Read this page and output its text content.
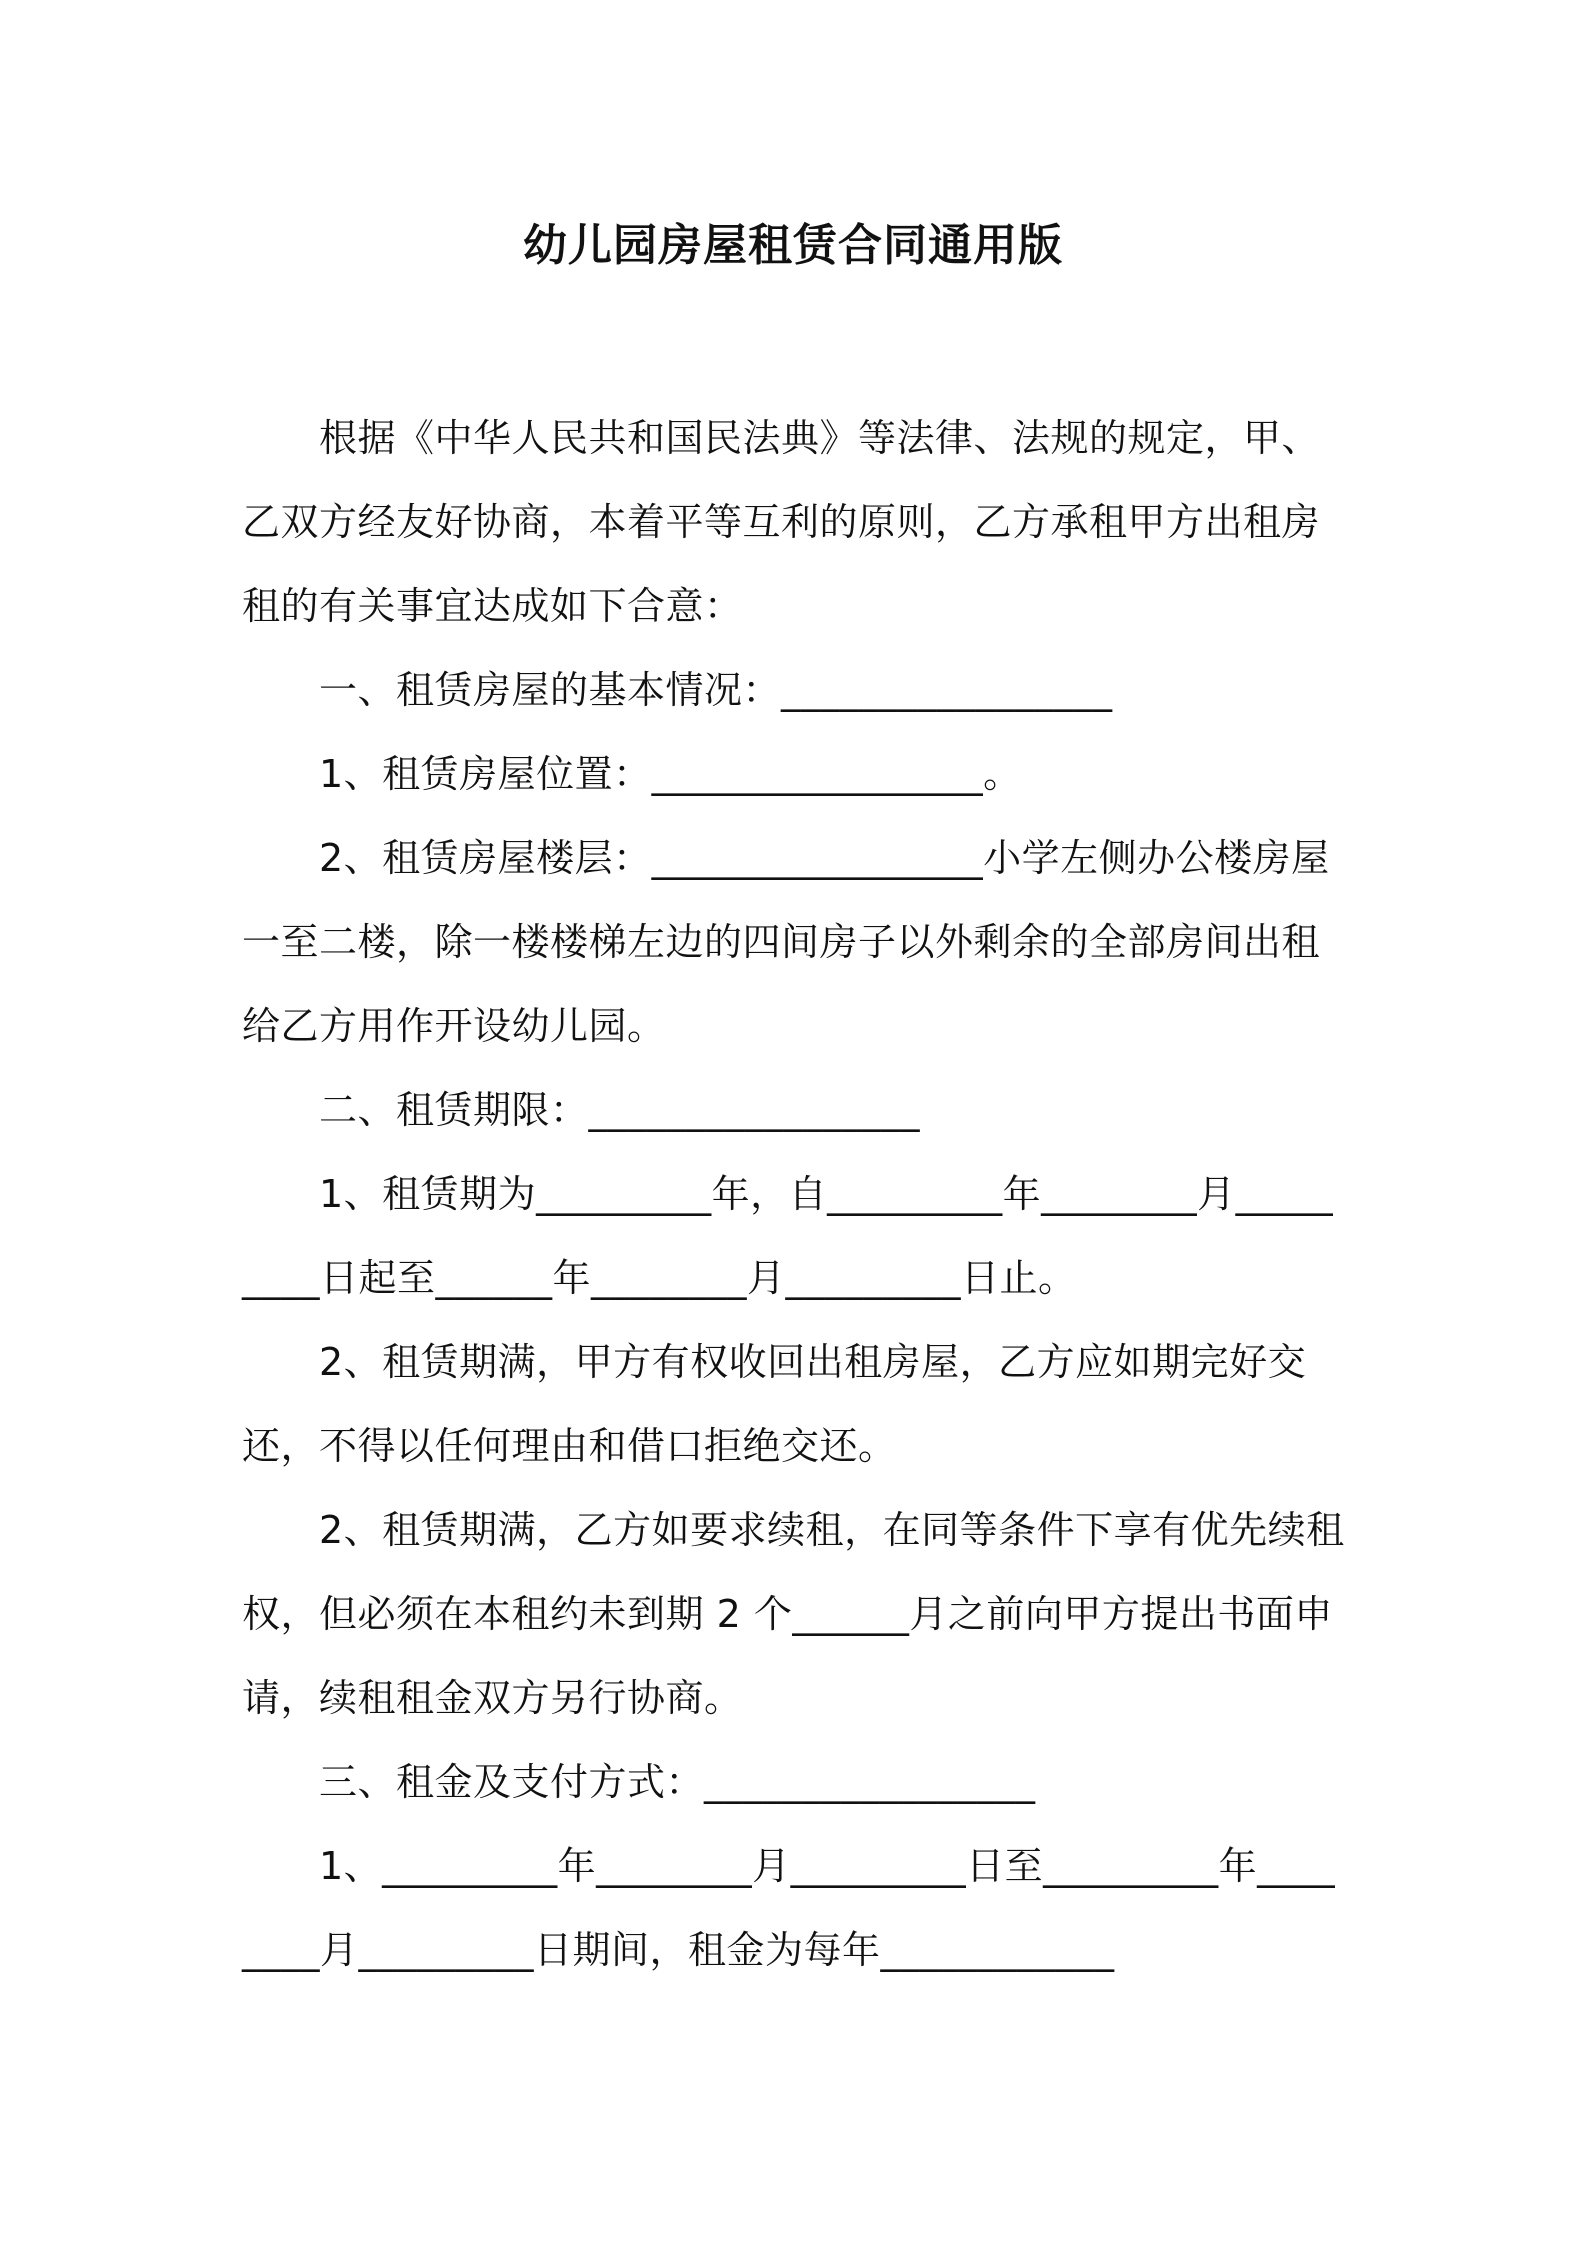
幼儿园房屋租赁合同通用版
　　根据《中华人民共和国民法典》等法律、法规的规定，甲、乙双方经友好协商，本着平等互利的原则，乙方承租甲方出租房租的有关事宜达成如下合意：
　　一、租赁房屋的基本情况：_________________
　　1、租赁房屋位置：_________________。
　　2、租赁房屋楼层：_________________小学左侧办公楼房屋一至二楼，除一楼楼梯左边的四间房子以外剩余的全部房间出租给乙方用作开设幼儿园。
　　二、租赁期限：_________________
　　1、租赁期为_________年，自_________年________月_________日起至______年________月_________日止。
　　2、租赁期满，甲方有权收回出租房屋，乙方应如期完好交还，不得以任何理由和借口拒绝交还。
　　2、租赁期满，乙方如要求续租，在同等条件下享有优先续租权，但必须在本租约未到期 2 个______月之前向甲方提出书面申请，续租租金双方另行协商。
　　三、租金及支付方式：_________________
　　1、_________年________月_________日至_________年________月_________日期间，租金为每年____________
